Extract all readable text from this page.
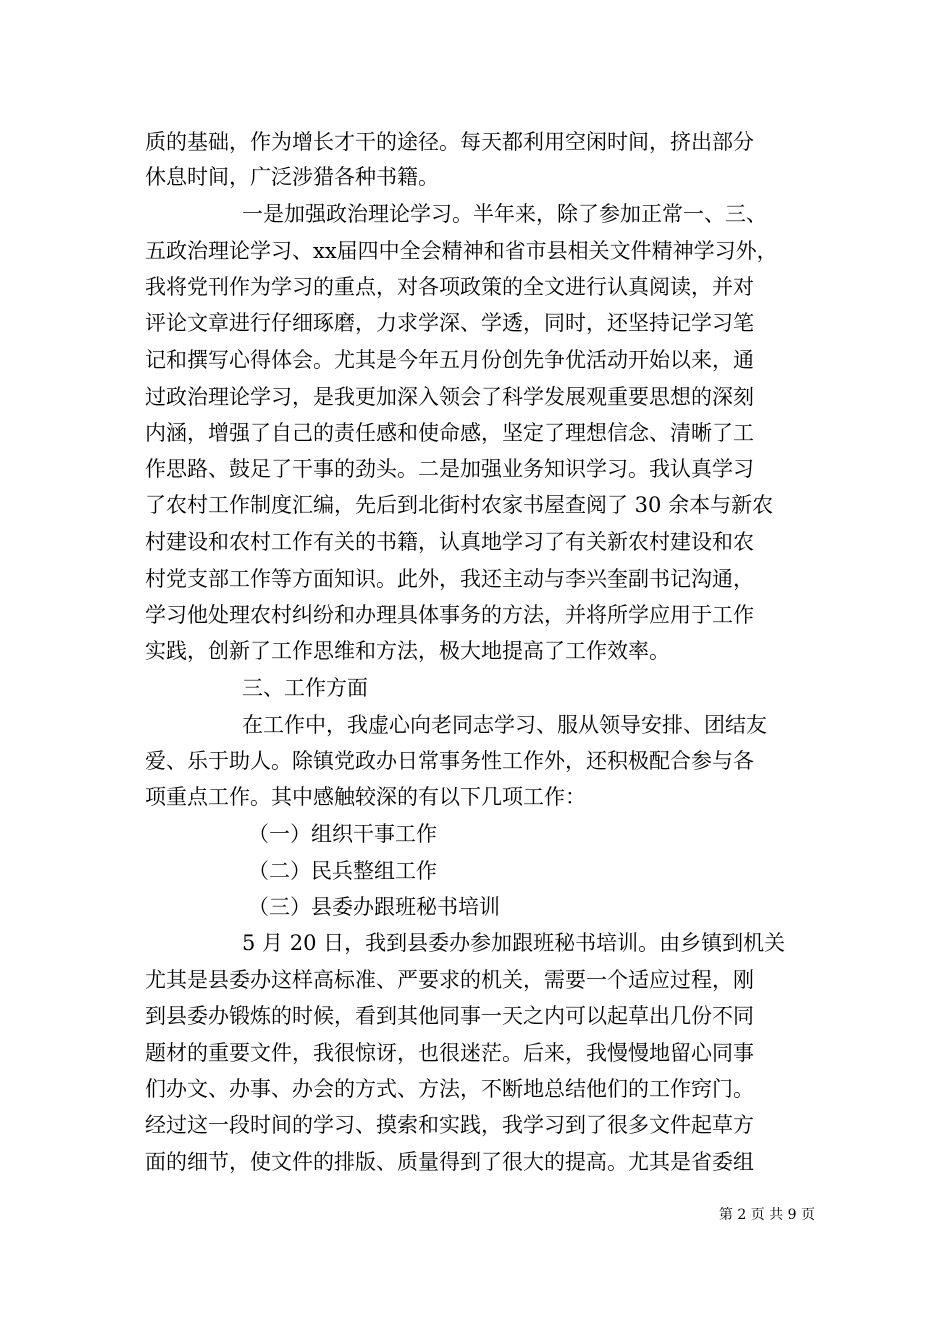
质的基础，作为增长才干的途径。每天都利用空闲时间，挤出部分
休息时间，广泛涉猎各种书籍。
一是加强政治理论学习。半年来，除了参加正常一、三、
五政治理论学习、xx届四中全会精神和省市县相关文件精神学习外，
我将党刊作为学习的重点，对各项政策的全文进行认真阅读，并对
评论文章进行仔细琢磨，力求学深、学透，同时，还坚持记学习笔
记和撰写心得体会。尤其是今年五月份创先争优活动开始以来，通
过政治理论学习，是我更加深入领会了科学发展观重要思想的深刻
内涵，增强了自己的责任感和使命感，坚定了理想信念、清晰了工
作思路、鼓足了干事的劲头。二是加强业务知识学习。我认真学习
了农村工作制度汇编，先后到北街村农家书屋查阅了 30 余本与新农
村建设和农村工作有关的书籍，认真地学习了有关新农村建设和农
村党支部工作等方面知识。此外，我还主动与李兴奎副书记沟通，
学习他处理农村纠纷和办理具体事务的方法，并将所学应用于工作
实践，创新了工作思维和方法，极大地提高了工作效率。
三、工作方面
在工作中，我虚心向老同志学习、服从领导安排、团结友
爱、乐于助人。除镇党政办日常事务性工作外，还积极配合参与各
项重点工作。其中感触较深的有以下几项工作：
（一）组织干事工作
（二）民兵整组工作
（三）县委办跟班秘书培训
5 月 20 日，我到县委办参加跟班秘书培训。由乡镇到机关
尤其是县委办这样高标准、严要求的机关，需要一个适应过程，刚
到县委办锻炼的时候，看到其他同事一天之内可以起草出几份不同
题材的重要文件，我很惊讶，也很迷茫。后来，我慢慢地留心同事
们办文、办事、办会的方式、方法，不断地总结他们的工作窍门。
经过这一段时间的学习、摸索和实践，我学习到了很多文件起草方
面的细节，使文件的排版、质量得到了很大的提高。尤其是省委组
第 2 页 共 9 页
